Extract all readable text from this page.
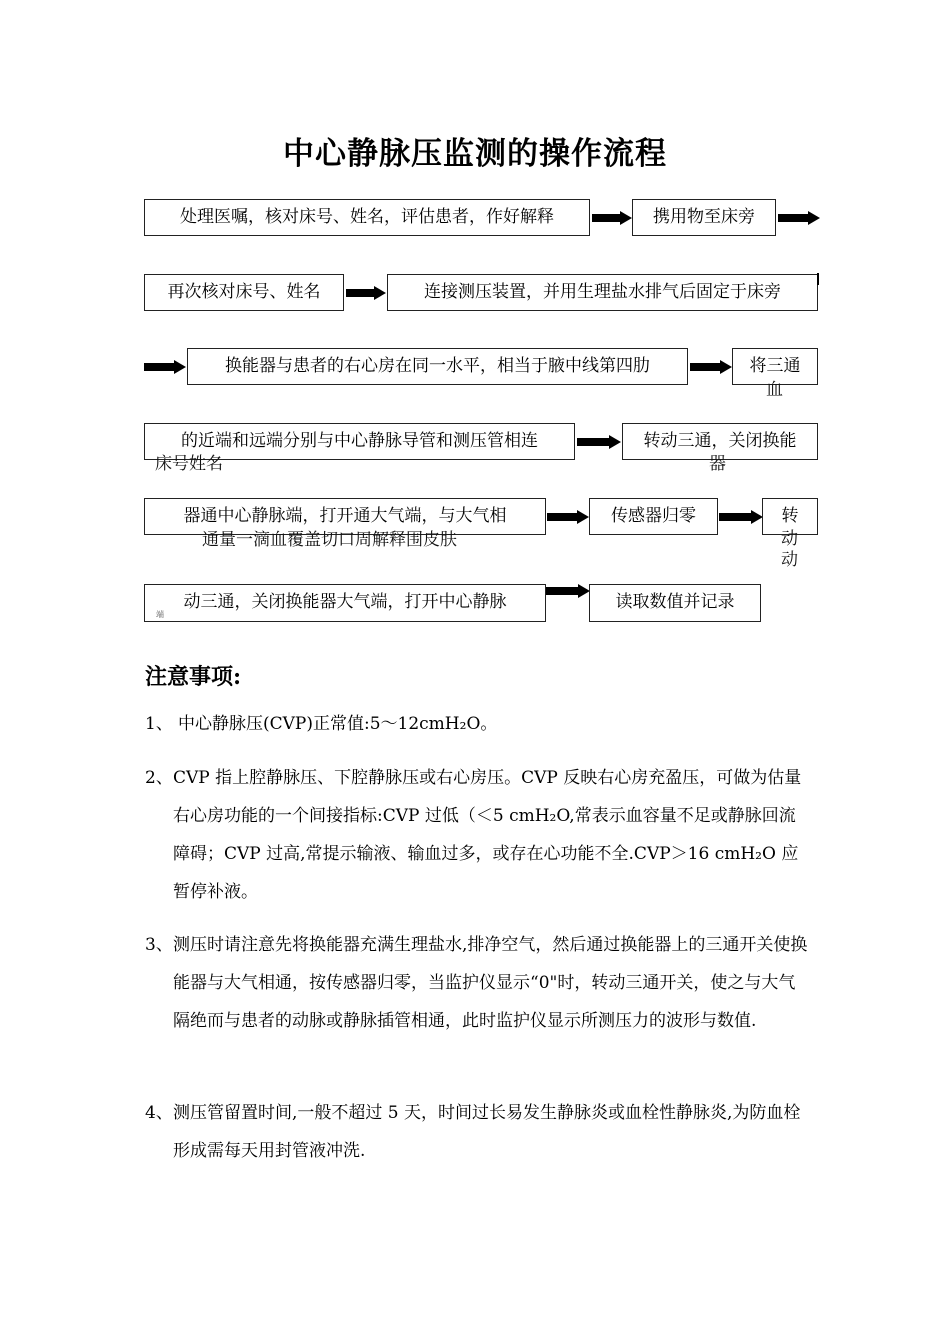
中心静脉压监测的操作流程
处理医嘱，核对床号、姓名，评估患者，作好解释	携用物至床旁
再次核对床号、姓名	连接测压装置，并用生理盐水排气后固定于床旁
换能器与患者的右心房在同一水平，相当于腋中线第四肋	将三通
血
的近端和远端分别与中心静脉导管和测压管相连
床号姓名
转动三通，关闭换能
器
器通中心静脉端，打开通大气端，与大气相
通量一滴血覆盖切口周解释围皮肤
传感器归零	转
动
动
动三通，关闭换能器大气端，打开中心静脉
端
读取数值并记录
注意事项:
1、 中心静脉压(CVP)正常值:5～12cmH₂O。
2、 CVP 指上腔静脉压、下腔静脉压或右心房压。CVP 反映右心房充盈压，可做为估量右心房功能的一个间接指标:CVP 过低（＜5 cmH₂O,常表示血容量不足或静脉回流障碍；CVP 过高,常提示输液、输血过多，或存在心功能不全.CVP＞16 cmH₂O 应暂停补液。
3、 测压时请注意先将换能器充满生理盐水,排净空气，然后通过换能器上的三通开关使换能器与大气相通，按传感器归零，当监护仪显示“0"时，转动三通开关，使之与大气隔绝而与患者的动脉或静脉插管相通，此时监护仪显示所测压力的波形与数值.
4、 测压管留置时间,一般不超过 5 天，时间过长易发生静脉炎或血栓性静脉炎,为防血栓形成需每天用封管液冲洗.
